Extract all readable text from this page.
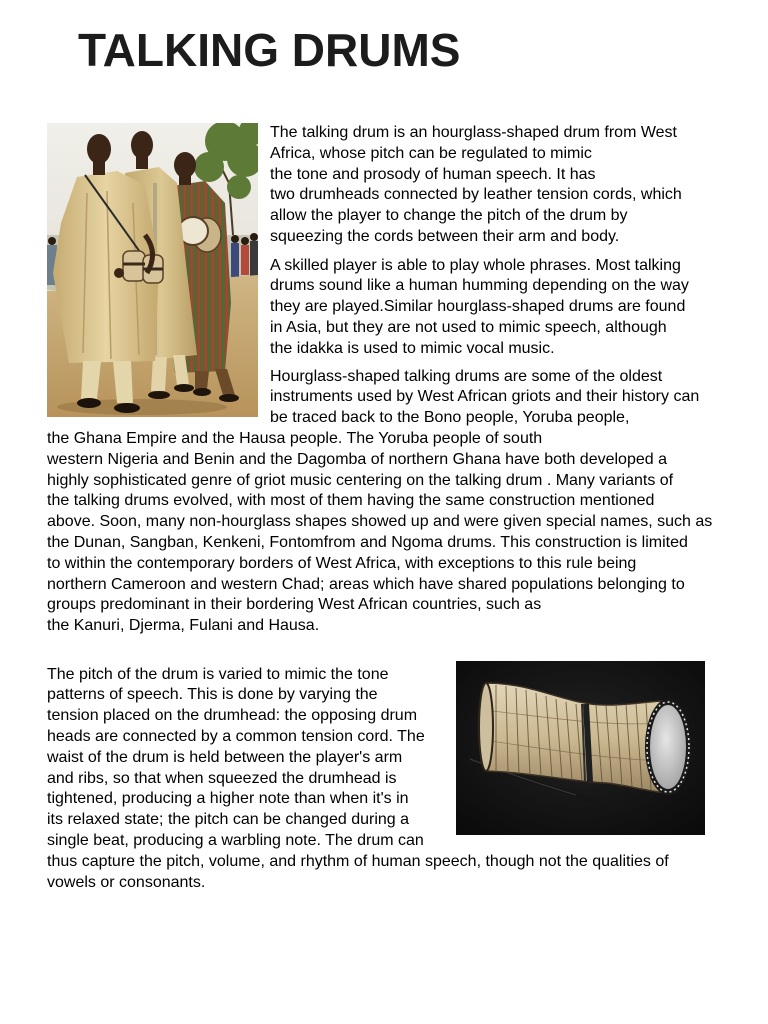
TALKING DRUMS
The talking drum is an hourglass-shaped drum from West
Africa, whose pitch can be regulated to mimic
the tone and prosody of human speech. It has
two drumheads connected by leather tension cords, which
allow the player to change the pitch of the drum by
squeezing the cords between their arm and body.
A skilled player is able to play whole phrases. Most talking
drums sound like a human humming depending on the way
they are played.Similar hourglass-shaped drums are found
in Asia, but they are not used to mimic speech, although
the idakka is used to mimic vocal music.
Hourglass-shaped talking drums are some of the oldest
instruments used by West African griots and their history can
be traced back to the Bono people, Yoruba people,
the Ghana Empire and the Hausa people. The Yoruba people of south
western Nigeria and Benin and the Dagomba of northern Ghana have both developed a
highly sophisticated genre of griot music centering on the talking drum . Many variants of
the talking drums evolved, with most of them having the same construction mentioned
above. Soon, many non-hourglass shapes showed up and were given special names, such as
the Dunan, Sangban, Kenkeni, Fontomfrom and Ngoma drums. This construction is limited
to within the contemporary borders of West Africa, with exceptions to this rule being
northern Cameroon and western Chad; areas which have shared populations belonging to
groups predominant in their bordering West African countries, such as
the Kanuri, Djerma, Fulani and Hausa.
The pitch of the drum is varied to mimic the tone
patterns of speech. This is done by varying the
tension placed on the drumhead: the opposing drum
heads are connected by a common tension cord. The
waist of the drum is held between the player's arm
and ribs, so that when squeezed the drumhead is
tightened, producing a higher note than when it's in
its relaxed state; the pitch can be changed during a
single beat, producing a warbling note. The drum can
thus capture the pitch, volume, and rhythm of human speech, though not the qualities of
vowels or consonants.
